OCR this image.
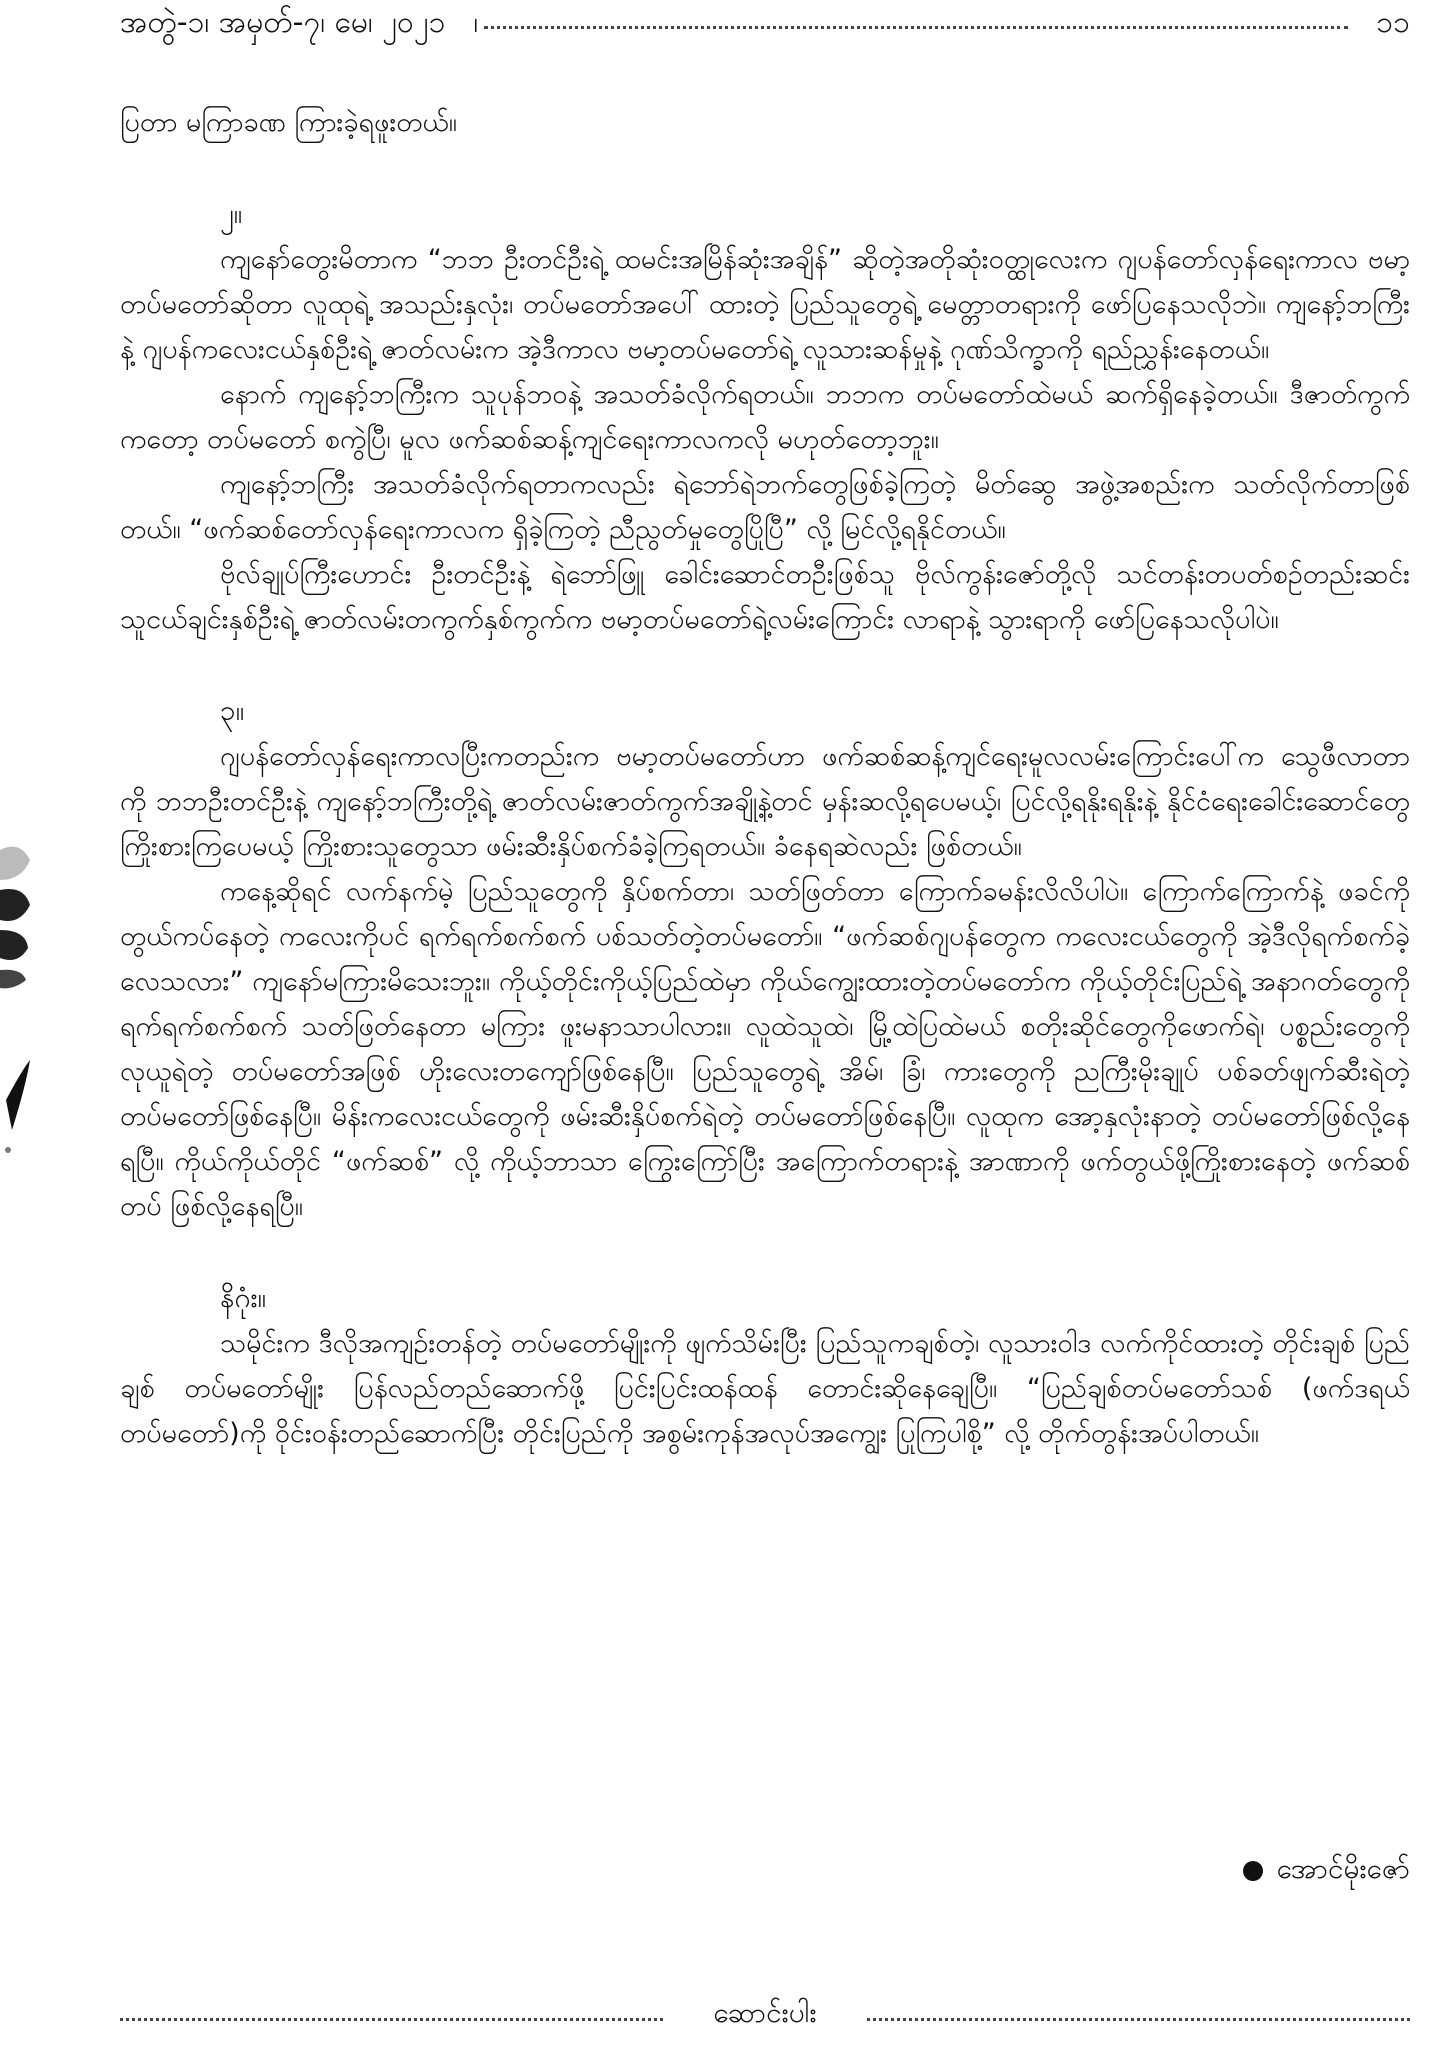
အတွဲ-၁၊ အမှတ်-၇၊ မေ၊ ၂၀၂၁ ၊	၁၁

ပြတာ မကြာခဏ ကြားခဲ့ရဖူးတယ်။

၂။

ကျနော်တွေးမိတာက “ဘဘ ဦးတင်ဦးရဲ့ ထမင်းအမြိန်ဆုံးအချိန်” ဆိုတဲ့အတိုဆုံးဝတ္ထုလေးက ဂျပန်တော်လှန်ရေးကာလ ဗမာ့တပ်မတော်ဆိုတာ လူထုရဲ့ အသည်းနှလုံး၊ တပ်မတော်အပေါ် ထားတဲ့ ပြည်သူတွေရဲ့ မေတ္တာတရားကို ဖော်ပြနေသလိုဘဲ။ ကျနော့်ဘကြီးနဲ့ ဂျပန်ကလေးငယ်နှစ်ဦးရဲ့ ဇာတ်လမ်းက အဲ့ဒီကာလ ဗမာ့တပ်မတော်ရဲ့ လူသားဆန်မှုနဲ့ ဂုဏ်သိက္ခာကို ရည်ညွှန်းနေတယ်။

နောက် ကျနော့်ဘကြီးက သူပုန်ဘဝနဲ့ အသတ်ခံလိုက်ရတယ်။ ဘဘက တပ်မတော်ထဲမယ် ဆက်ရှိနေခဲ့တယ်။ ဒီဇာတ်ကွက်ကတော့ တပ်မတော် စကွဲပြီ၊ မူလ ဖက်ဆစ်ဆန့်ကျင်ရေးကာလကလို မဟုတ်တော့ဘူး။

ကျနော့်ဘကြီး အသတ်ခံလိုက်ရတာကလည်း ရဲဘော်ရဲဘက်တွေဖြစ်ခဲ့ကြတဲ့ မိတ်ဆွေ အဖွဲ့အစည်းက သတ်လိုက်တာဖြစ်တယ်။ “ဖက်ဆစ်တော်လှန်ရေးကာလက ရှိခဲ့ကြတဲ့ ညီညွတ်မှုတွေပြိုပြီ” လို့ မြင်လို့ရနိုင်တယ်။

ဗိုလ်ချုပ်ကြီးဟောင်း ဦးတင်ဦးနဲ့ ရဲဘော်ဖြူ ခေါင်းဆောင်တဦးဖြစ်သူ ဗိုလ်ကွန်းဇော်တို့လို သင်တန်းတပတ်စဉ်တည်းဆင်း သူငယ်ချင်းနှစ်ဦးရဲ့ ဇာတ်လမ်းတကွက်နှစ်ကွက်က ဗမာ့တပ်မတော်ရဲ့လမ်းကြောင်း လာရာနဲ့ သွားရာကို ဖော်ပြနေသလိုပါပဲ။

၃။

ဂျပန်တော်လှန်ရေးကာလပြီးကတည်းက ဗမာ့တပ်မတော်ဟာ ဖက်ဆစ်ဆန့်ကျင်ရေးမူလလမ်းကြောင်းပေါ်က သွေဖီလာတာကို ဘဘဦးတင်ဦးနဲ့ ကျနော့်ဘကြီးတို့ရဲ့ ဇာတ်လမ်းဇာတ်ကွက်အချို့နဲ့တင် မှန်းဆလို့ရပေမယ့်၊ ပြင်လို့ရနိုးရနိုးနဲ့ နိုင်ငံရေးခေါင်းဆောင်တွေ ကြိုးစားကြပေမယ့် ကြိုးစားသူတွေသာ ဖမ်းဆီးနှိပ်စက်ခံခဲ့ကြရတယ်။ ခံနေရဆဲလည်း ဖြစ်တယ်။

ကနေ့ဆိုရင် လက်နက်မဲ့ ပြည်သူတွေကို နှိပ်စက်တာ၊ သတ်ဖြတ်တာ ကြောက်ခမန်းလိလိပါပဲ။ ကြောက်ကြောက်နဲ့ ဖခင်ကိုတွယ်ကပ်နေတဲ့ ကလေးကိုပင် ရက်ရက်စက်စက် ပစ်သတ်တဲ့တပ်မတော်။ “ဖက်ဆစ်ဂျပန်တွေက ကလေးငယ်တွေကို အဲ့ဒီလိုရက်စက်ခဲ့လေသလား” ကျနော်မကြားမိသေးဘူး။ ကိုယ့်တိုင်းကိုယ့်ပြည်ထဲမှာ ကိုယ်ကျွေးထားတဲ့တပ်မတော်က ကိုယ့်တိုင်းပြည်ရဲ့ အနာဂတ်တွေကို ရက်ရက်စက်စက် သတ်ဖြတ်နေတာ မကြား ဖူးမနာသာပါလား။ လူထဲသူထဲ၊ မြို့ထဲပြထဲမယ် စတိုးဆိုင်တွေကိုဖောက်ရဲ၊ ပစ္စည်းတွေကို လုယူရဲတဲ့ တပ်မတော်အဖြစ် ဟိုးလေးတကျော်ဖြစ်နေပြီ။ ပြည်သူတွေရဲ့ အိမ်၊ ခြံ၊ ကားတွေကို ညကြီးမိုးချုပ် ပစ်ခတ်ဖျက်ဆီးရဲတဲ့တပ်မတော်ဖြစ်နေပြီ။ မိန်းကလေးငယ်တွေကို ဖမ်းဆီးနှိပ်စက်ရဲတဲ့ တပ်မတော်ဖြစ်နေပြီ။ လူထုက အော့နှလုံးနာတဲ့ တပ်မတော်ဖြစ်လို့နေရပြီ။ ကိုယ်ကိုယ်တိုင် “ဖက်ဆစ်” လို့ ကိုယ့်ဘာသာ ကြွေးကြော်ပြီး အကြောက်တရားနဲ့ အာဏာကို ဖက်တွယ်ဖို့ကြိုးစားနေတဲ့ ဖက်ဆစ်တပ် ဖြစ်လို့နေရပြီ။

နိဂုံး။

သမိုင်းက ဒီလိုအကျဉ်းတန်တဲ့ တပ်မတော်မျိုးကို ဖျက်သိမ်းပြီး ပြည်သူကချစ်တဲ့၊ လူသားဝါဒ လက်ကိုင်ထားတဲ့ တိုင်းချစ် ပြည်ချစ် တပ်မတော်မျိုး ပြန်လည်တည်ဆောက်ဖို့ ပြင်းပြင်းထန်ထန် တောင်းဆိုနေချေပြီ။ “ပြည်ချစ်တပ်မတော်သစ် (ဖက်ဒရယ်တပ်မတော်)ကို ဝိုင်းဝန်းတည်ဆောက်ပြီး တိုင်းပြည်ကို အစွမ်းကုန်အလုပ်အကျွေး ပြုကြပါစို့” လို့ တိုက်တွန်းအပ်ပါတယ်။

အောင်မိုးဇော်
ဆောင်းပါး
